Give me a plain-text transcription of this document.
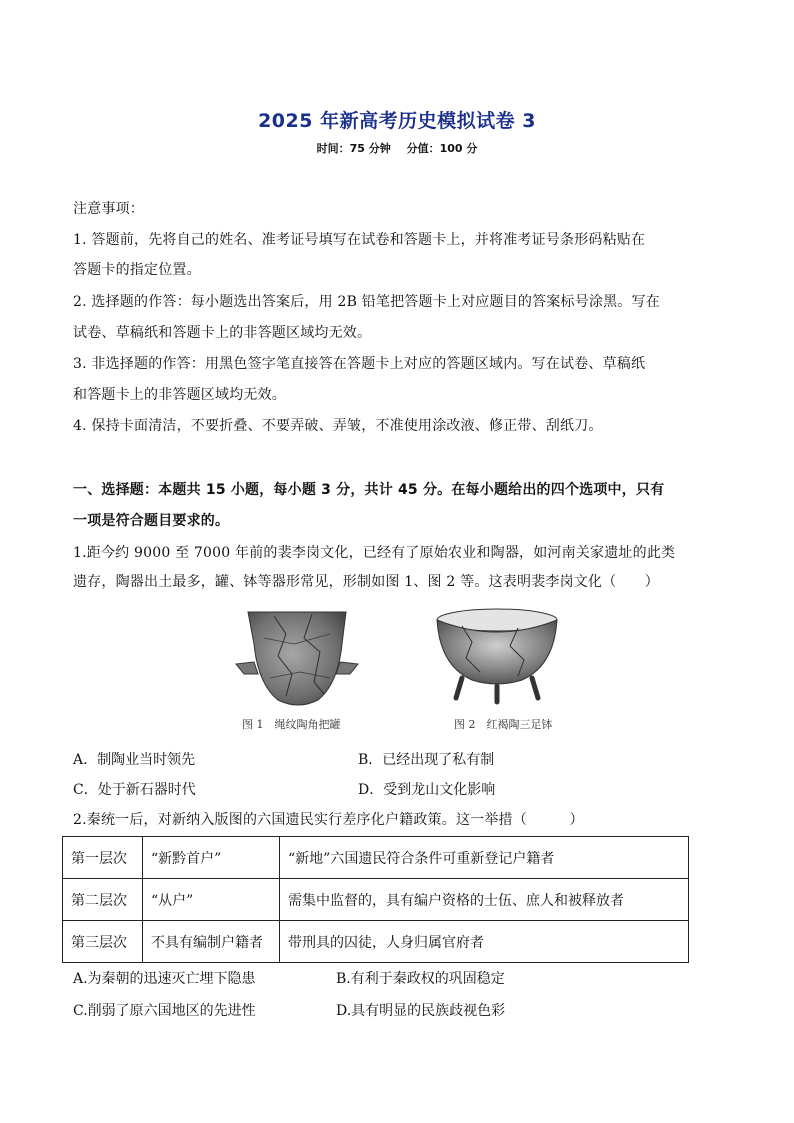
2025 年新高考历史模拟试卷 3
时间：75 分钟 分值：100 分
注意事项：
1. 答题前，先将自己的姓名、准考证号填写在试卷和答题卡上，并将准考证号条形码粘贴在
答题卡的指定位置。
2. 选择题的作答：每小题选出答案后，用 2B 铅笔把答题卡上对应题目的答案标号涂黑。写在
试卷、草稿纸和答题卡上的非答题区域均无效。
3. 非选择题的作答：用黑色签字笔直接答在答题卡上对应的答题区域内。写在试卷、草稿纸
和答题卡上的非答题区域均无效。
4. 保持卡面清洁，不要折叠、不要弄破、弄皱，不准使用涂改液、修正带、刮纸刀。
一、选择题：本题共 15 小题，每小题 3 分，共计 45 分。在每小题给出的四个选项中，只有
一项是符合题目要求的。
1.距今约 9000 至 7000 年前的裴李岗文化，已经有了原始农业和陶器，如河南关家遗址的此类
遗存，陶器出土最多，罐、钵等器形常见，形制如图 1、图 2 等。这表明裴李岗文化（　　）
图 1　绳纹陶角把罐	图 2　红褐陶三足钵
A．制陶业当时领先	B．已经出现了私有制
C．处于新石器时代	D．受到龙山文化影响
2.秦统一后，对新纳入版图的六国遗民实行差序化户籍政策。这一举措（　　　）
第一层次	“新黔首户”	“新地”六国遗民符合条件可重新登记户籍者
第二层次	“从户”	需集中监督的，具有编户资格的士伍、庶人和被释放者
第三层次	不具有编制户籍者	带刑具的囚徒，人身归属官府者
A.为秦朝的迅速灭亡埋下隐患	B.有利于秦政权的巩固稳定
C.削弱了原六国地区的先进性	D.具有明显的民族歧视色彩
